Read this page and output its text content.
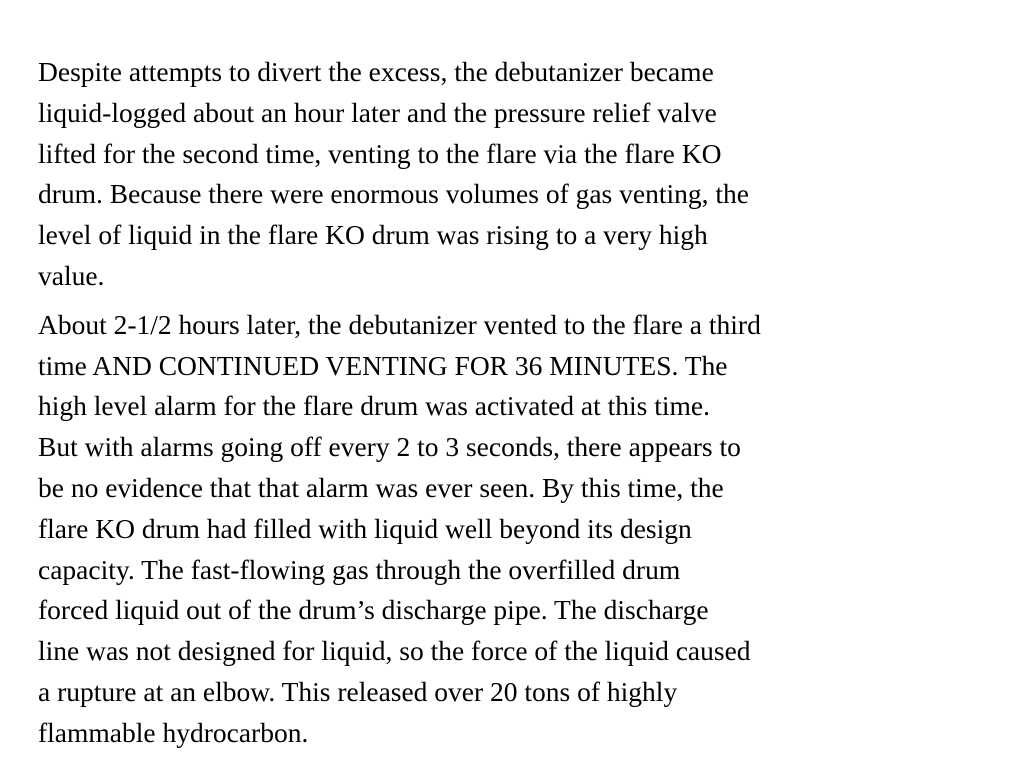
Despite attempts to divert the excess, the debutanizer became
liquid-logged about an hour later and the pressure relief valve
lifted for the second time, venting to the flare via the flare KO
drum. Because there were enormous volumes of gas venting, the
level of liquid in the flare KO drum was rising to a very high
value.
About 2-1/2 hours later, the debutanizer vented to the flare a third
time AND CONTINUED VENTING FOR 36 MINUTES. The
high level alarm for the flare drum was activated at this time.
But with alarms going off every 2 to 3 seconds, there appears to
be no evidence that that alarm was ever seen. By this time, the
flare KO drum had filled with liquid well beyond its design
capacity. The fast-flowing gas through the overfilled drum
forced liquid out of the drum’s discharge pipe. The discharge
line was not designed for liquid, so the force of the liquid caused
a rupture at an elbow. This released over 20 tons of highly
flammable hydrocarbon.
